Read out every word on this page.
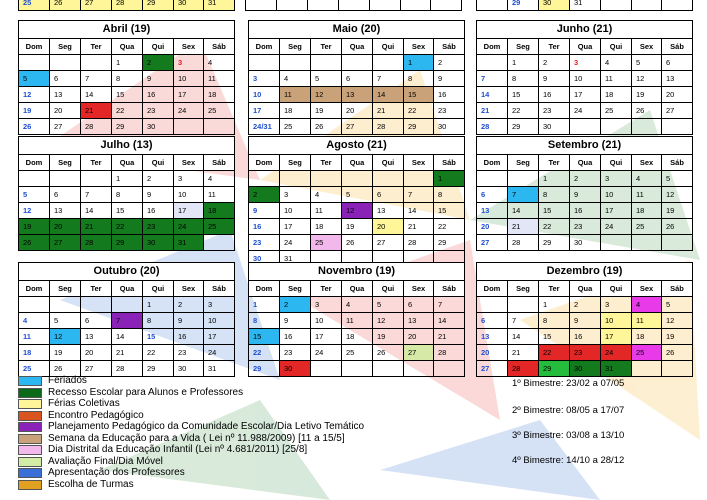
25	26	27	28	29	30	31

		29	30	31			
Abril (19)						
Dom	Seg	Ter	Qua	Qui	Sex	Sáb
			1	2	3	4
5	6	7	8	9	10	11
12	13	14	15	16	17	18
19	20	21	22	23	24	25
26	27	28	29	30		
Maio (20)						
Dom	Seg	Ter	Qua	Qui	Sex	Sáb
					1	2
3	4	5	6	7	8	9
10	11	12	13	14	15	16
17	18	19	20	21	22	23
24/31	25	26	27	28	29	30
Junho (21)						
Dom	Seg	Ter	Qua	Qui	Sex	Sáb
	1	2	3	4	5	6
7	8	9	10	11	12	13
14	15	16	17	18	19	20
21	22	23	24	25	26	27
28	29	30				
Julho (13)						
Dom	Seg	Ter	Qua	Qui	Sex	Sáb
			1	2	3	4
5	6	7	8	9	10	11
12	13	14	15	16	17	18
19	20	21	22	23	24	25
26	27	28	29	30	31	
Agosto (21)						
Dom	Seg	Ter	Qua	Qui	Sex	Sáb
						1
2	3	4	5	6	7	8
9	10	11	12	13	14	15
16	17	18	19	20	21	22
23	24	25	26	27	28	29
30	31					
Setembro (21)						
Dom	Seg	Ter	Qua	Qui	Sex	Sáb
		1	2	3	4	5
6	7	8	9	10	11	12
13	14	15	16	17	18	19
20	21	22	23	24	25	26
27	28	29	30			
Outubro (20)						
Dom	Seg	Ter	Qua	Qui	Sex	Sáb
				1	2	3
4	5	6	7	8	9	10
11	12	13	14	15	16	17
18	19	20	21	22	23	24
25	26	27	28	29	30	31
Novembro (19)						
Dom	Seg	Ter	Qua	Qui	Sex	Sáb
1	2	3	4	5	6	7
8	9	10	11	12	13	14
15	16	17	18	19	20	21
22	23	24	25	26	27	28
29	30					
Dezembro (19)						
Dom	Seg	Ter	Qua	Qui	Sex	Sáb
		1	2	3	4	5
6	7	8	9	10	11	12
13	14	15	16	17	18	19
20	21	22	23	24	25	26
27	28	29	30	31		
Feriados
Recesso Escolar para Alunos e Professores
Férias Coletivas
Encontro Pedagógico
Planejamento Pedagógico da Comunidade Escolar/Dia Letivo Temático
Semana da Educação para a Vida ( Lei nº 11.988/2009) [11 a 15/5]
Dia Distrital da Educação Infantil (Lei nº 4.681/2011) [25/8]
Avaliação Final/Dia Móvel
Apresentação dos Professores
Escolha de Turmas
1º Bimestre: 23/02 a 07/05
2º Bimestre: 08/05 a 17/07
3º Bimestre: 03/08 a 13/10
4º Bimestre: 14/10 a 28/12
